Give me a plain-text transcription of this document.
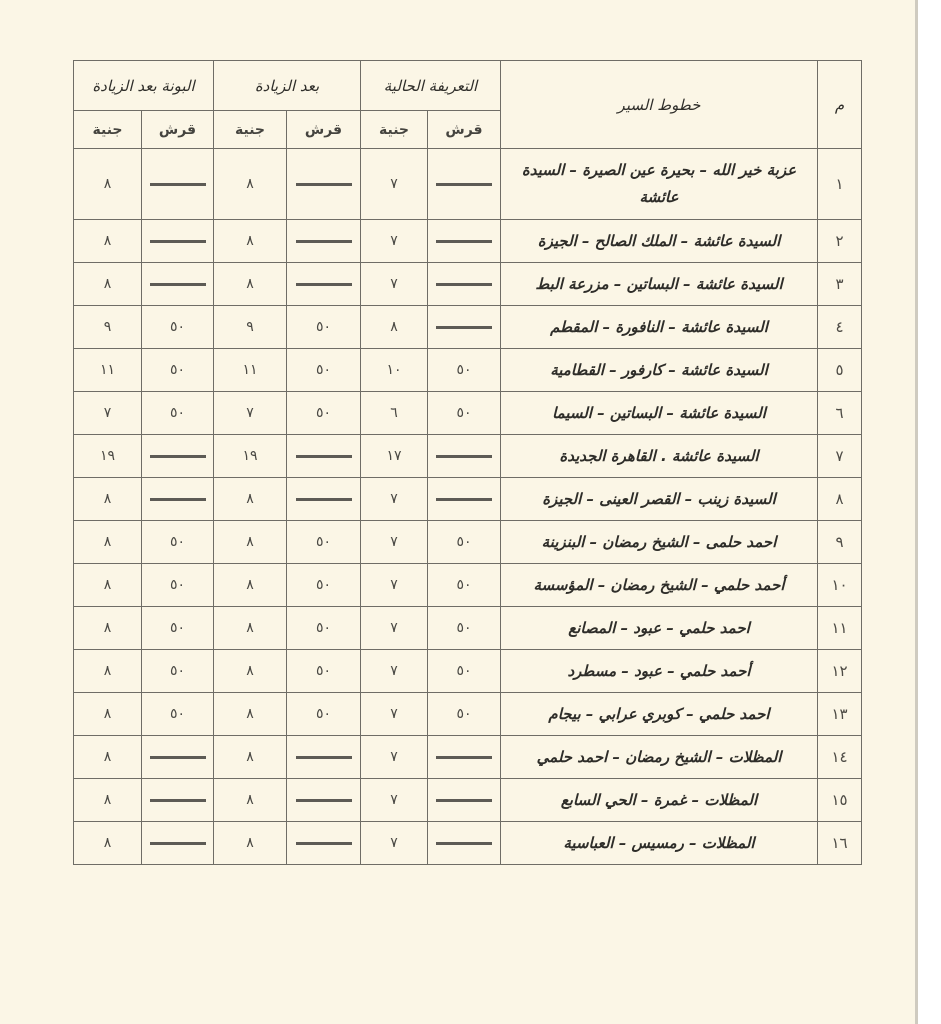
م	خطوط السير	التعريفة الحالية		بعد الزيادة		البونة بعد الزيادة	
		قرش	جنية	قرش	جنية	قرش	جنية
١	عزبة خير الله – بحيرة عين الصيرة – السيدة عائشة		٧		٨		٨
٢	السيدة عائشة – الملك الصالح – الجيزة		٧		٨		٨
٣	السيدة عائشة – البساتين – مزرعة البط		٧		٨		٨
٤	السيدة عائشة – النافورة – المقطم		٨	٥٠	٩	٥٠	٩
٥	السيدة عائشة – كارفور – القطامية	٥٠	١٠	٥٠	١١	٥٠	١١
٦	السيدة عائشة – البساتين – السيما	٥٠	٦	٥٠	٧	٥٠	٧
٧	السيدة عائشة . القاهرة الجديدة		١٧		١٩		١٩
٨	السيدة زينب – القصر العينى – الجيزة		٧		٨		٨
٩	احمد حلمى – الشيخ رمضان – البنزينة	٥٠	٧	٥٠	٨	٥٠	٨
١٠	أحمد حلمي – الشيخ رمضان – المؤسسة	٥٠	٧	٥٠	٨	٥٠	٨
١١	احمد حلمي – عبود – المصانع	٥٠	٧	٥٠	٨	٥٠	٨
١٢	أحمد حلمي – عبود – مسطرد	٥٠	٧	٥٠	٨	٥٠	٨
١٣	احمد حلمي – كوبري عرابي – بيجام	٥٠	٧	٥٠	٨	٥٠	٨
١٤	المظلات – الشيخ رمضان – احمد حلمي		٧		٨		٨
١٥	المظلات – غمرة – الحي السابع		٧		٨		٨
١٦	المظلات – رمسيس – العباسية		٧		٨		٨
